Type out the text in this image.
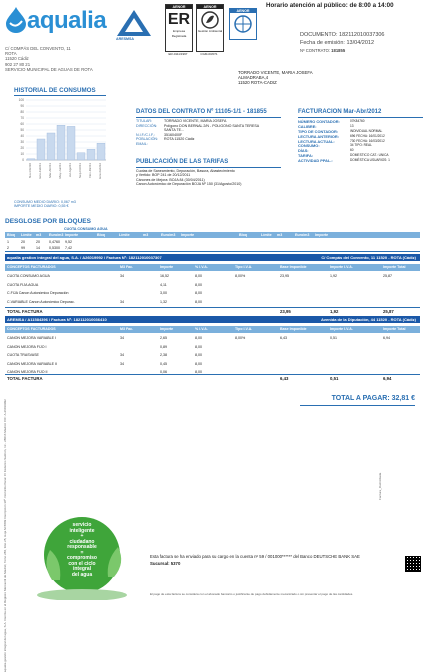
aqualia
ARESMSA
AENOR
ER
Empresa Registrada
ER-0111/1997
AENOR
Gestión Ambiental
CGM-00/071
AENOR
Horario atención al público: de 8:00 a 14:00
DOCUMENTO: 182112010037306
Fecha de emisión: 13/04/2012
Nº CONTRATO: 181855
C/ COMPÁS DEL CONVENTO, 11
ROTA
11520 Cádiz
902 27 80 21
SERVICIO MUNICIPAL DE AGUAS DE ROTA
TORRADO VICENTE, MARIA JOSEFA
ALMADRABA,4
11520 ROTA-CADIZ
HISTORIAL DE CONSUMOS
100
90
80
70
60
50
40
30
20
10
0
Nov-Dic/10 Ene-Feb/11 Mar-Abr/11 May-Jun/11 Jul-Ago/11 Sep-Oct/11 Nov-Dic/11 Ene-Feb/12
CONSUMO MEDIO DIARIO: 0,067 m3
IMPORTE MEDIO DIARIO: 0,55 €
DATOS DEL CONTRATO Nº 11105-1/1 - 181855
TITULAR:	TORRADO VICENTE, MARIA JOSEFA
DIRECCIÓN: Polígono DON BERNAL 2/N - POLIGONO SANTA TERESA
SANTA TE...
N.I.F./C.I.F.:	35160400F
POBLACIÓN: ROTA 11520 Cádiz
EMAIL:
PUBLICACIÓN DE LAS TARIFAS
Cuotas de Saneamiento, Depuración, Basura, Abastecimiento
y Vertido: BOP 241 de 20/12/2011
Cánones de Mejora: BOJA 84 (30/04/2011)
Canon Autonómico de Depuración BOJA Nº 150 (31/Agosto/2010)
FACTURACION Mar-Abr/2012
NÚMERO CONTADOR:	07K84760
CALIBRE:	13
TIPO DE CONTADOR:	INDIVIDUAL NORMAL
LECTURA ANTERIOR:	696 FECHA: 16/01/2012
LECTURA ACTUAL:	730 FECHA: 16/03/2012
CONSUMO:	34 TIPO: REAL
DÍAS:	60
TARIFA:	DOMESTICO CAT.: UNICA
ACTIVIDAD PPAL.:	DOMÉSTICA USUARIOS: 1
DESGLOSE POR BLOQUES
CUOTA CONSUMO AGUA
Bloq Límite m3 Euro/m3 Importe	Bloq	Límite	m3	Euro/m3 Importe	Bloq	Límite m3	Euro/m3 Importe
1	20	20	0,4760 9,52
2	99	14	0,5300 7,42
aqualia gestion integral del agua, S.A. / A26019992 / Factura Nº: 182112010037307	C/ Compás del Convento, 11 11520 - ROTA (Cádiz)
CONCEPTOS FACTURADOS	M3 Fac.	Importe	% I.V.A.	Tipo I.V.A.	Base Imponible	Importe I.V.A.	Importe Total
CUOTA CONSUMO AGUA	34	16,52	8,00	8,00%	23,95	1,92	25,87
CUOTA FIJA AGUA	4,11	8,00
C.FIJA Canon Autonómico Depuración	3,00	8,00
C.VARIABLE Canon Autonómico Depurac.	34	1,32	8,00
TOTAL FACTURA	23,95	1,92	25,87
AREMSA / A11584396 / Factura Nº: 182112010036410	Avenida de la Diputación, 44 11520 - ROTA (Cádiz)
CONCEPTOS FACTURADOS	M3 Fac.	Importe	% I.V.A.	Tipo I.V.A.	Base Imponible	Importe I.V.A.	Importe Total
CANON MEJORA VARIABLE I	34	2,65	8,00	8,00%	6,43	0,51	6,94
CANON MEJORA FIJO I	0,89	8,00
CUOTA TRASVASE	34	2,38	8,00
CANON MEJORA VARIABLE II	34	0,45	8,00
CANON MEJORA FIJO II	0,06	8,00
TOTAL FACTURA	6,43	0,51	6,94
TOTAL A PAGAR: 32,81 €
aqualia gestión integral del agua, S.A. Inscrita en el Registro Mercantil de Madrid, Tomo 286, folio 25, Hoja M-5809 Inscripción 30ª. Domicilio fiscal: C/ Federico Salmón, 13 - 28016 Madrid. CIF: A-26019992	Factura_Domiciliada
servicio
inteligente
+
ciudadano
responsable
=
compromiso
con el ciclo
integral
del agua
Esta factura se ha enviado para su cargo en la cuenta nº 59 / 001000****** del Banco DEUTSCHE BANK SAE
Sucursal: 5370
El pago de esta factura se considera con el abonado bancario o justificante de pago debidamente mecanizado o sin presentar el pago de las cantidades.
